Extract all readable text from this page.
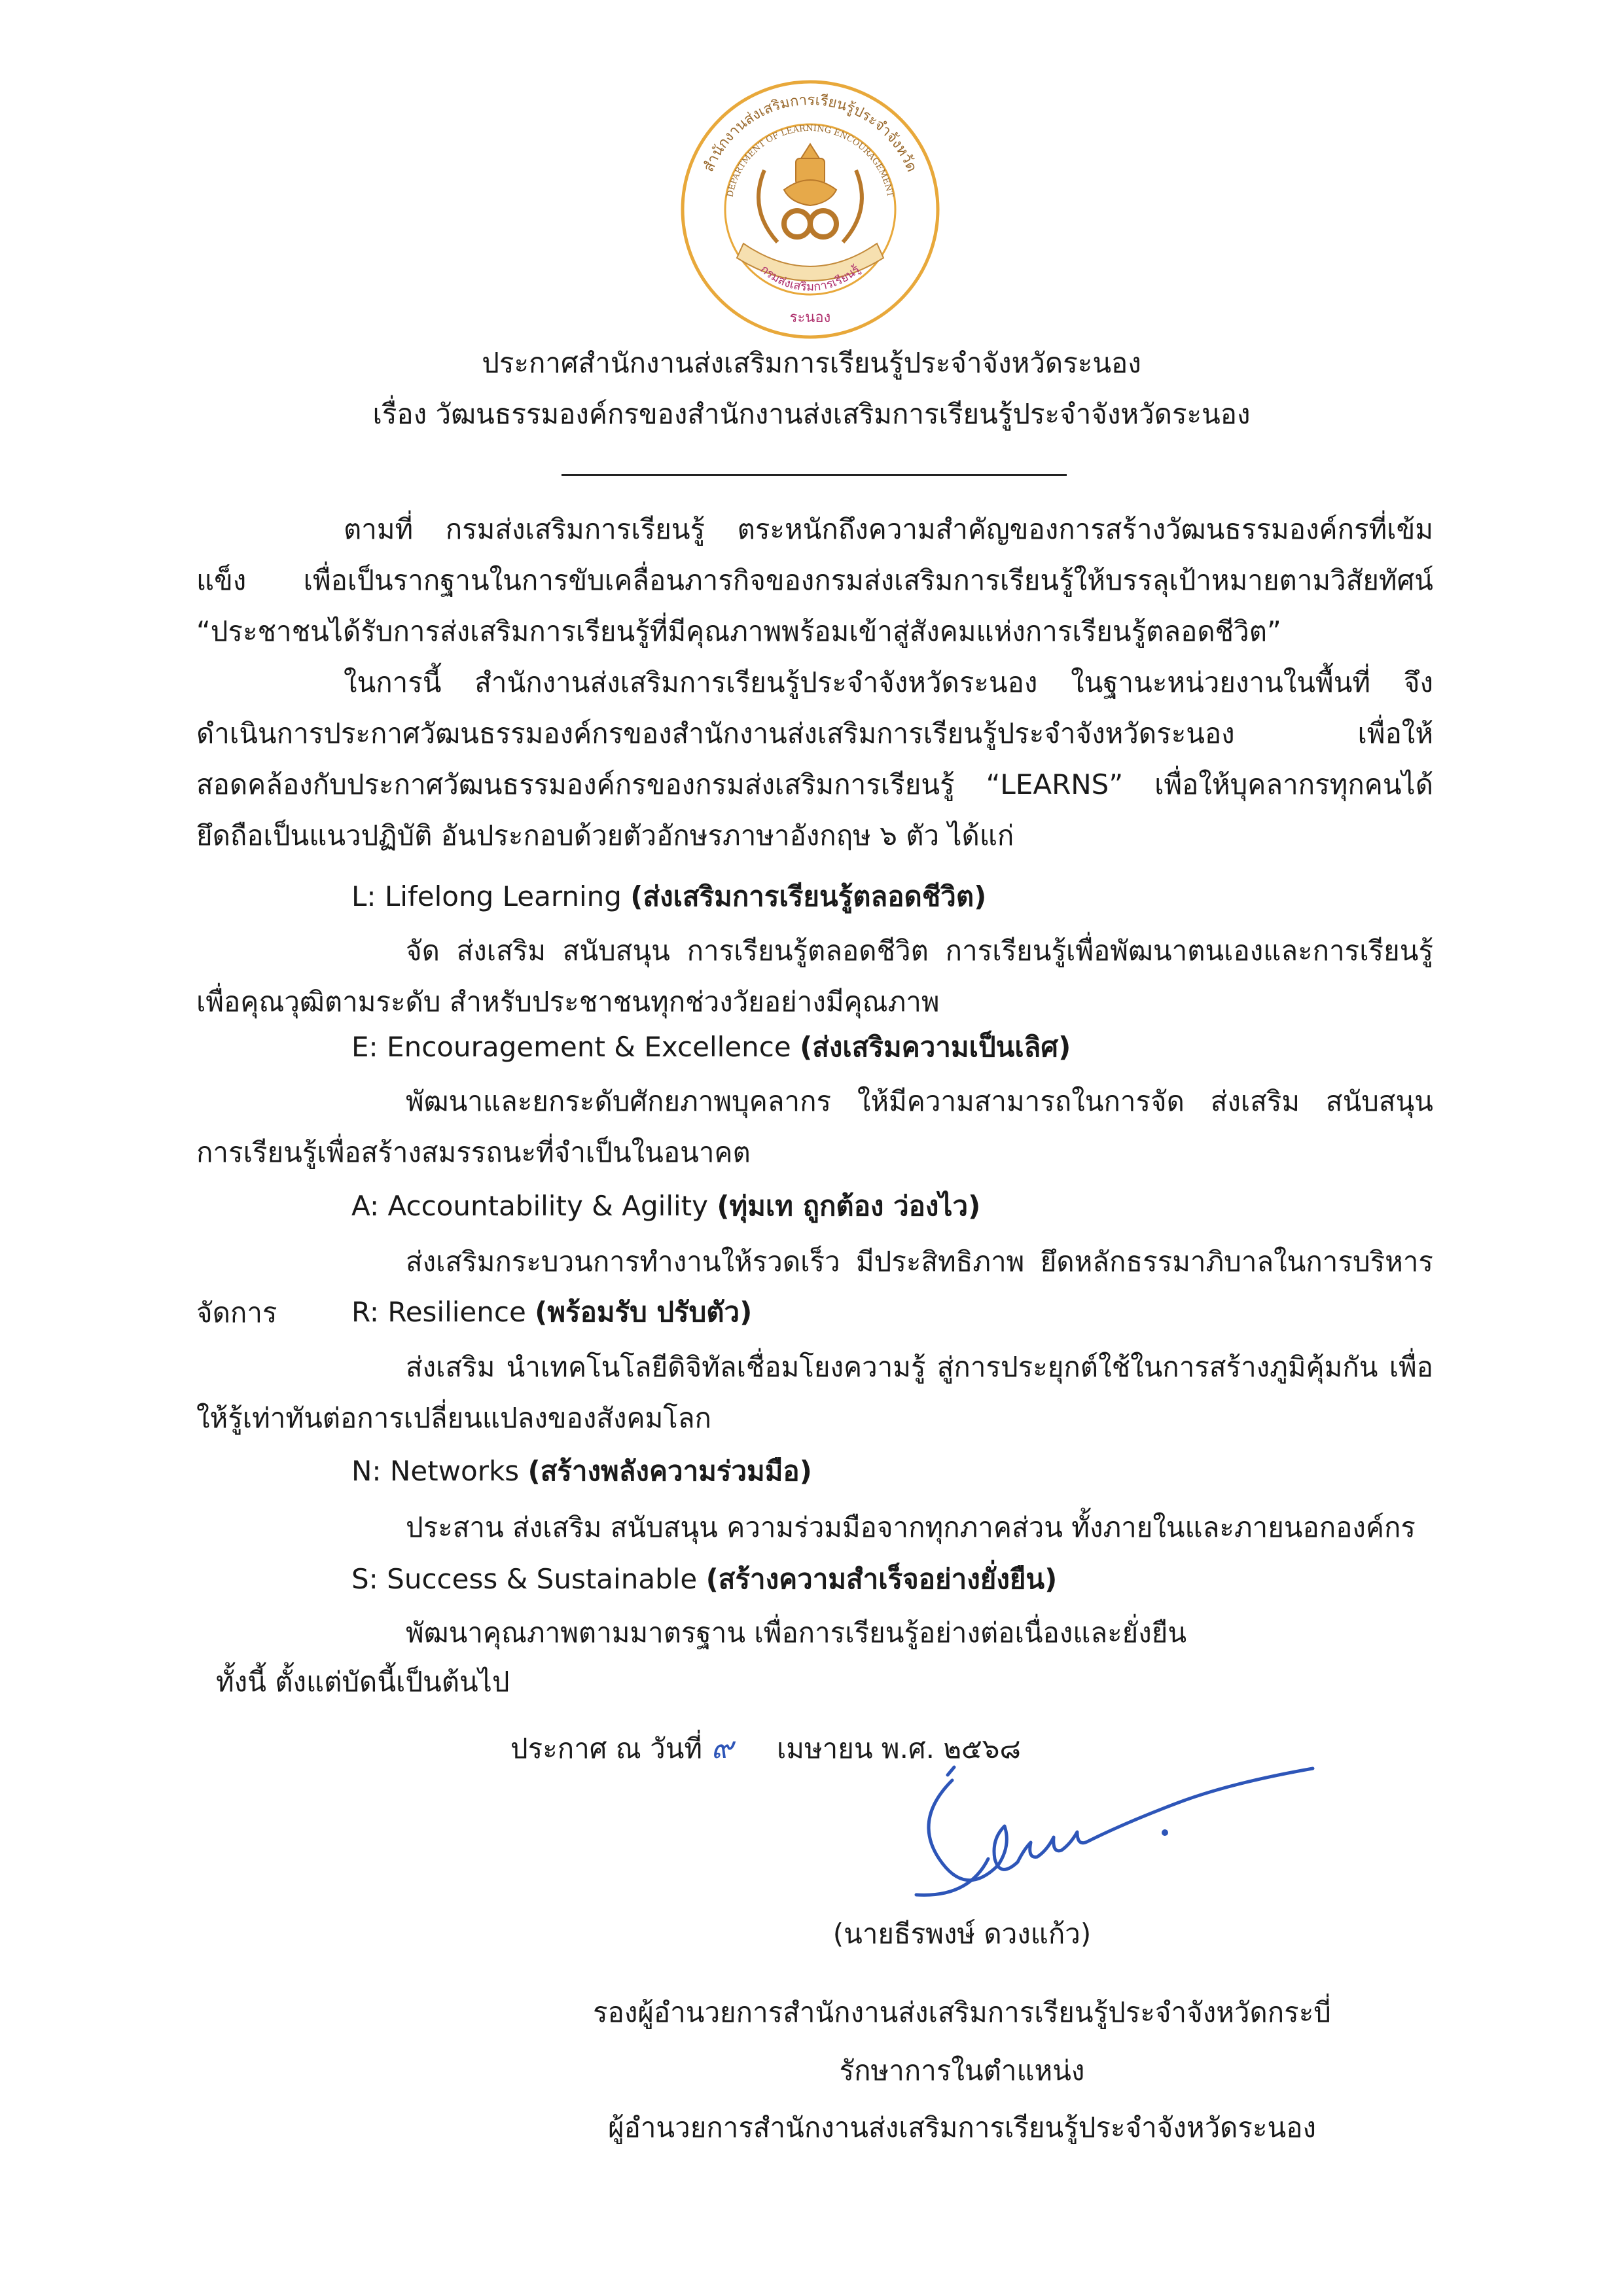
สำนักงานส่งเสริมการเรียนรู้ประจำจังหวัด
DEPARTMENT OF LEARNING ENCOURAGEMENT
กรมส่งเสริมการเรียนรู้
ระนอง
ประกาศสำนักงานส่งเสริมการเรียนรู้ประจำจังหวัดระนอง
เรื่อง วัฒนธรรมองค์กรของสำนักงานส่งเสริมการเรียนรู้ประจำจังหวัดระนอง
ตามที่ กรมส่งเสริมการเรียนรู้ ตระหนักถึงความสำคัญของการสร้างวัฒนธรรมองค์กรที่เข้มแข็ง เพื่อเป็นรากฐานในการขับเคลื่อนภารกิจของกรมส่งเสริมการเรียนรู้ให้บรรลุเป้าหมายตามวิสัยทัศน์ “ประชาชนได้รับการส่งเสริมการเรียนรู้ที่มีคุณภาพพร้อมเข้าสู่สังคมแห่งการเรียนรู้ตลอดชีวิต”
ในการนี้ สำนักงานส่งเสริมการเรียนรู้ประจำจังหวัดระนอง ในฐานะหน่วยงานในพื้นที่ จึงดำเนินการประกาศวัฒนธรรมองค์กรของสำนักงานส่งเสริมการเรียนรู้ประจำจังหวัดระนอง เพื่อให้สอดคล้องกับประกาศวัฒนธรรมองค์กรของกรมส่งเสริมการเรียนรู้ “LEARNS” เพื่อให้บุคลากรทุกคนได้ยึดถือเป็นแนวปฏิบัติ อันประกอบด้วยตัวอักษรภาษาอังกฤษ ๖ ตัว ได้แก่
L: Lifelong Learning (ส่งเสริมการเรียนรู้ตลอดชีวิต)
จัด ส่งเสริม สนับสนุน การเรียนรู้ตลอดชีวิต การเรียนรู้เพื่อพัฒนาตนเองและการเรียนรู้เพื่อคุณวุฒิตามระดับ สำหรับประชาชนทุกช่วงวัยอย่างมีคุณภาพ
E: Encouragement & Excellence (ส่งเสริมความเป็นเลิศ)
พัฒนาและยกระดับศักยภาพบุคลากร ให้มีความสามารถในการจัด ส่งเสริม สนับสนุน การเรียนรู้เพื่อสร้างสมรรถนะที่จำเป็นในอนาคต
A: Accountability & Agility (ทุ่มเท ถูกต้อง ว่องไว)
ส่งเสริมกระบวนการทำงานให้รวดเร็ว มีประสิทธิภาพ ยึดหลักธรรมาภิบาลในการบริหารจัดการ	R: Resilience (พร้อมรับ ปรับตัว)
ส่งเสริม นำเทคโนโลยีดิจิทัลเชื่อมโยงความรู้ สู่การประยุกต์ใช้ในการสร้างภูมิคุ้มกัน เพื่อให้รู้เท่าทันต่อการเปลี่ยนแปลงของสังคมโลก
N: Networks (สร้างพลังความร่วมมือ)
ประสาน ส่งเสริม สนับสนุน ความร่วมมือจากทุกภาคส่วน ทั้งภายในและภายนอกองค์กร
S: Success & Sustainable (สร้างความสำเร็จอย่างยั่งยืน)
พัฒนาคุณภาพตามมาตรฐาน เพื่อการเรียนรู้อย่างต่อเนื่องและยั่งยืน
ทั้งนี้ ตั้งแต่บัดนี้เป็นต้นไป
ประกาศ ณ วันที่ ๙ เมษายน พ.ศ. ๒๕๖๘
(นายธีรพงษ์ ดวงแก้ว)
รองผู้อำนวยการสำนักงานส่งเสริมการเรียนรู้ประจำจังหวัดกระบี่
รักษาการในตำแหน่ง
ผู้อำนวยการสำนักงานส่งเสริมการเรียนรู้ประจำจังหวัดระนอง
